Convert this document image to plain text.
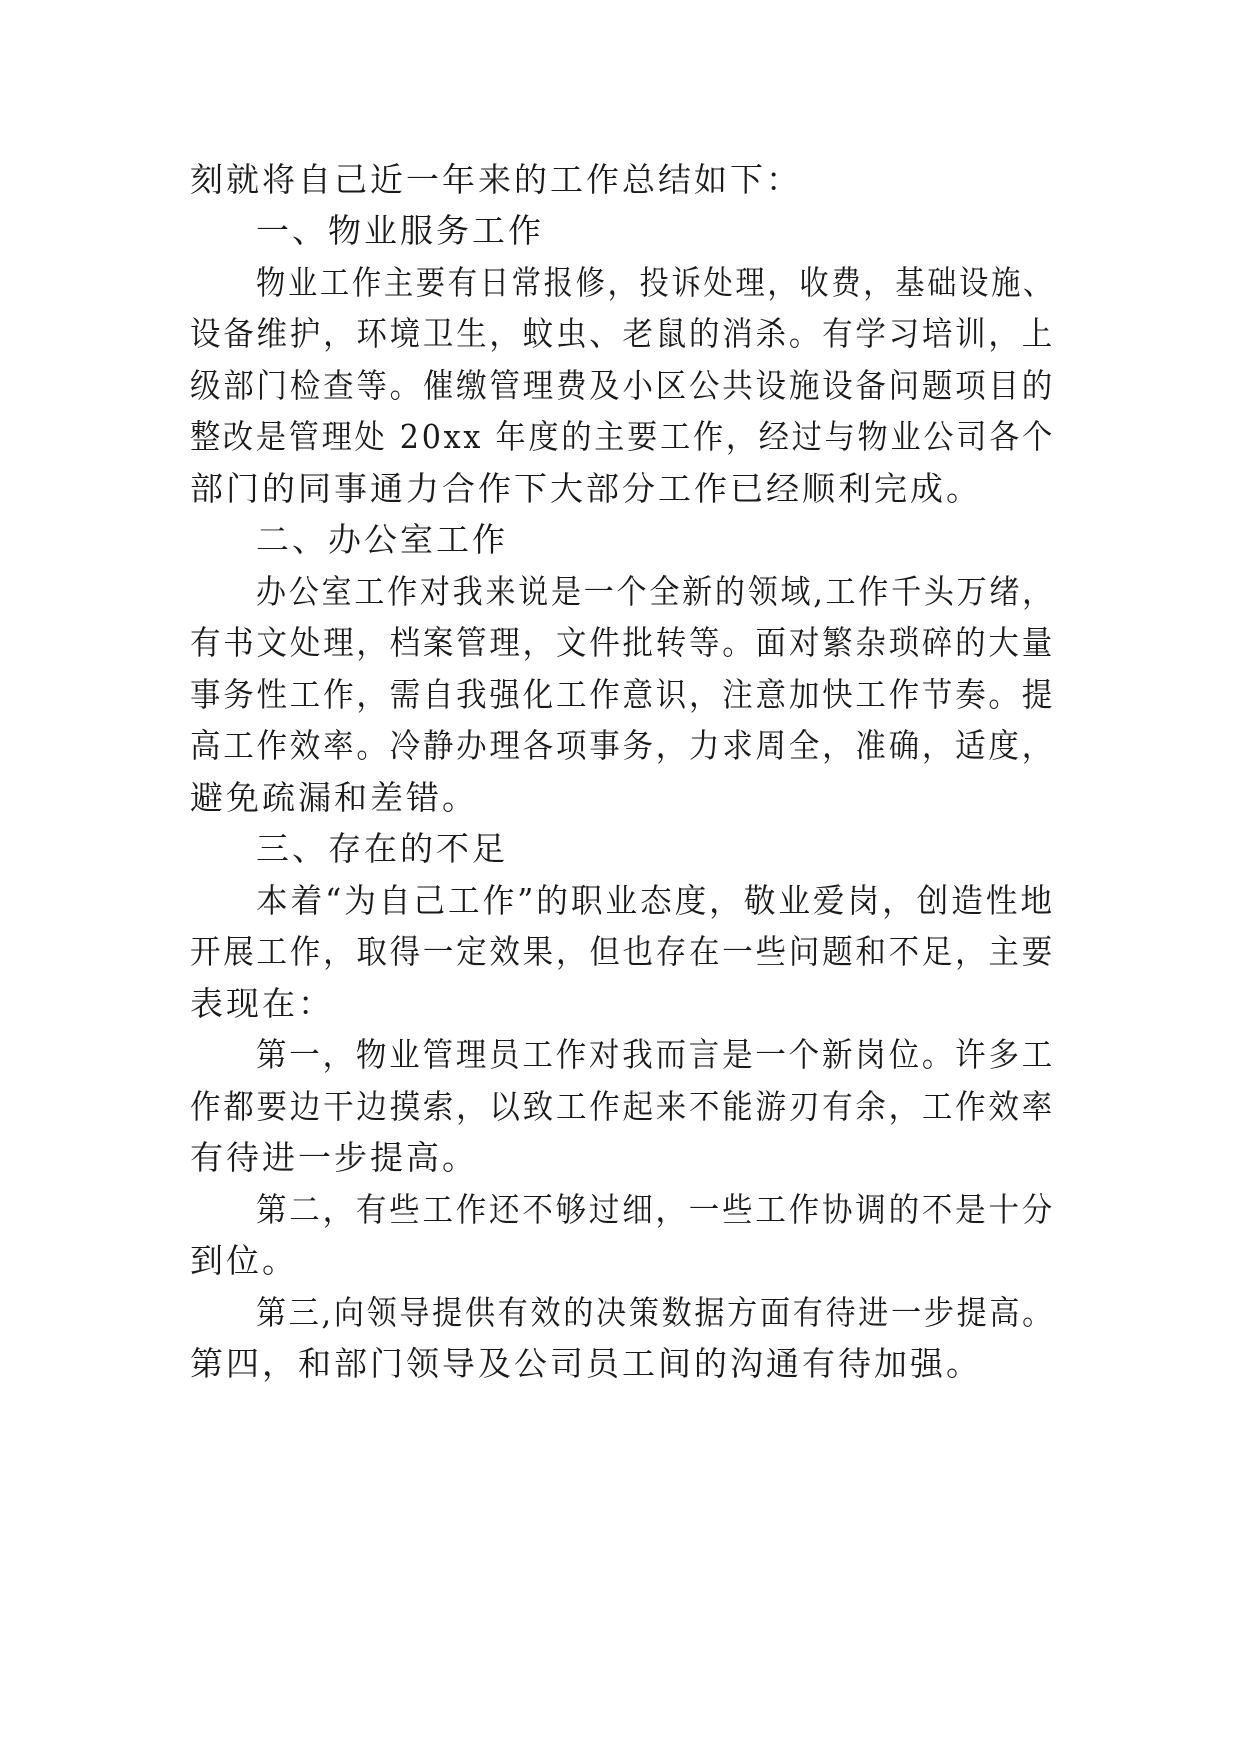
刻就将自己近一年来的工作总结如下：
一、物业服务工作
物业工作主要有日常报修，投诉处理，收费，基础设施、
设备维护，环境卫生，蚊虫、老鼠的消杀。有学习培训，上
级部门检查等。催缴管理费及小区公共设施设备问题项目的
整改是管理处 20xx 年度的主要工作，经过与物业公司各个
部门的同事通力合作下大部分工作已经顺利完成。
二、办公室工作
办公室工作对我来说是一个全新的领域,工作千头万绪，
有书文处理，档案管理，文件批转等。面对繁杂琐碎的大量
事务性工作，需自我强化工作意识，注意加快工作节奏。提
高工作效率。冷静办理各项事务，力求周全，准确，适度，
避免疏漏和差错。
三、存在的不足
本着“为自己工作”的职业态度，敬业爱岗，创造性地
开展工作，取得一定效果，但也存在一些问题和不足，主要
表现在：
第一，物业管理员工作对我而言是一个新岗位。许多工
作都要边干边摸索，以致工作起来不能游刃有余，工作效率
有待进一步提高。
第二，有些工作还不够过细，一些工作协调的不是十分
到位。
第三,向领导提供有效的决策数据方面有待进一步提高。
第四，和部门领导及公司员工间的沟通有待加强。
